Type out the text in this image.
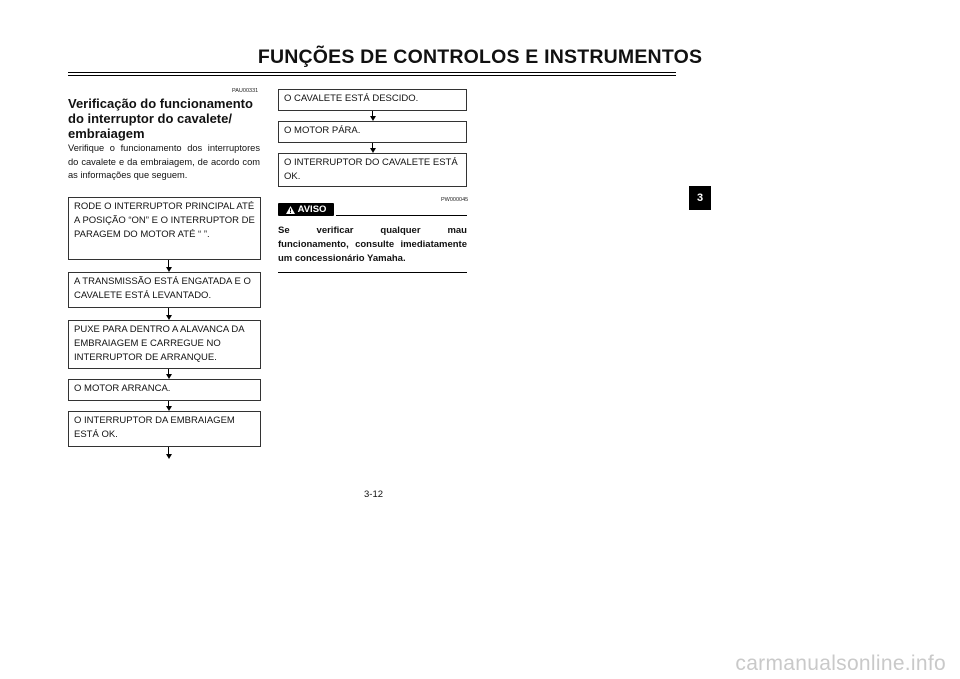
FUNÇÕES DE CONTROLOS E INSTRUMENTOS
PAU00331
Verificação do funcionamento do interruptor do cavalete/ embraiagem
Verifique o funcionamento dos interruptores do cavalete e da embraiagem, de acordo com as informações que seguem.
RODE O INTERRUPTOR PRINCIPAL ATÉ A POSIÇÃO “ON” E O INTERRUPTOR DE PARAGEM DO MOTOR ATÉ “ ”.
A TRANSMISSÃO ESTÁ ENGATADA E O CAVALETE ESTÁ LEVANTADO.
PUXE PARA DENTRO A ALAVANCA DA EMBRAIAGEM E CARREGUE NO INTERRUPTOR DE ARRANQUE.
O MOTOR ARRANCA.
O INTERRUPTOR DA EMBRAIAGEM ESTÁ OK.
O CAVALETE ESTÁ DESCIDO.
O MOTOR PÁRA.
O INTERRUPTOR DO CAVALETE ESTÁ OK.
PW000045
AVISO
Se verificar qualquer mau funcionamento, consulte imediatamente um concessionário Yamaha.
3-12
3
carmanualsonline.info
